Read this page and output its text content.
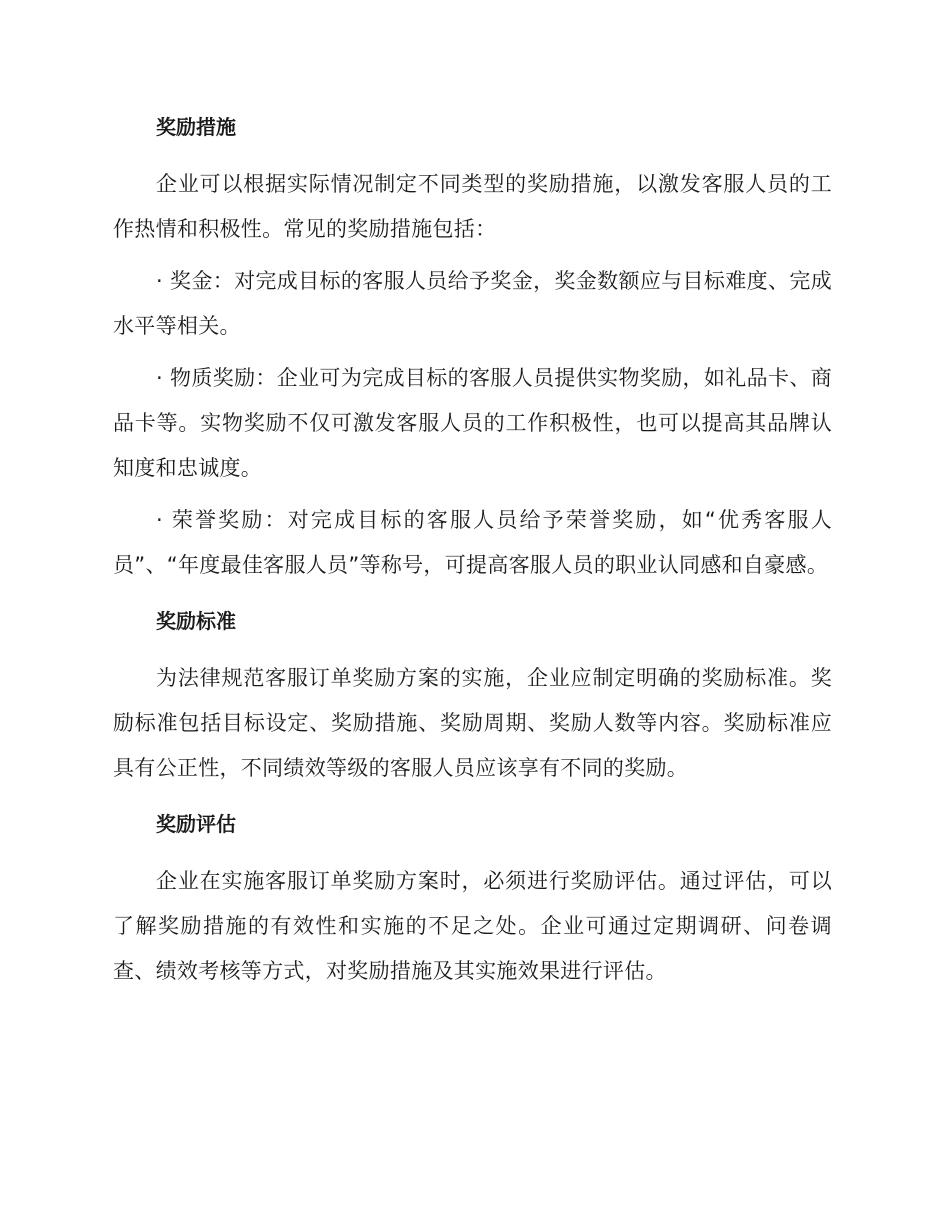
奖励措施

企业可以根据实际情况制定不同类型的奖励措施，以激发客服人员的工作热情和积极性。常见的奖励措施包括：

· 奖金：对完成目标的客服人员给予奖金，奖金数额应与目标难度、完成水平等相关。

· 物质奖励：企业可为完成目标的客服人员提供实物奖励，如礼品卡、商品卡等。实物奖励不仅可激发客服人员的工作积极性，也可以提高其品牌认知度和忠诚度。

· 荣誉奖励：对完成目标的客服人员给予荣誉奖励，如“优秀客服人员”、“年度最佳客服人员”等称号，可提高客服人员的职业认同感和自豪感。

奖励标准

为法律规范客服订单奖励方案的实施，企业应制定明确的奖励标准。奖励标准包括目标设定、奖励措施、奖励周期、奖励人数等内容。奖励标准应具有公正性，不同绩效等级的客服人员应该享有不同的奖励。

奖励评估

企业在实施客服订单奖励方案时，必须进行奖励评估。通过评估，可以了解奖励措施的有效性和实施的不足之处。企业可通过定期调研、问卷调查、绩效考核等方式，对奖励措施及其实施效果进行评估。
